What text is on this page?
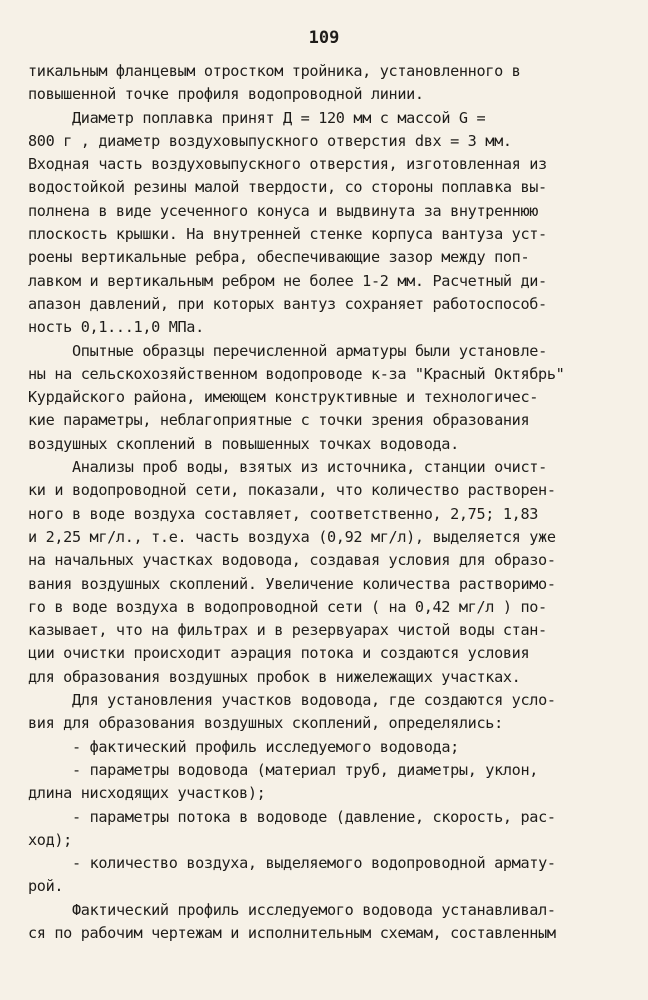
109
тикальным фланцевым отростком тройника, установленного в
повышенной точке профиля водопроводной линии.
Диаметр поплавка принят Д = 120 мм с массой G =
800 г , диаметр воздуховыпускного отверстия dвх = 3 мм.
Входная часть воздуховыпускного отверстия, изготовленная из
водостойкой резины малой твердости, со стороны поплавка вы-
полнена в виде усеченного конуса и выдвинута за внутреннюю
плоскость крышки. На внутренней стенке корпуса вантуза уст-
роены вертикальные ребра, обеспечивающие зазор между поп-
лавком и вертикальным ребром не более 1-2 мм. Расчетный ди-
апазон давлений, при которых вантуз сохраняет работоспособ-
ность 0,1...1,0 МПа.
Опытные образцы перечисленной арматуры были установле-
ны на сельскохозяйственном водопроводе к-за "Красный Октябрь"
Курдайского района, имеющем конструктивные и технологичес-
кие параметры, неблагоприятные с точки зрения образования
воздушных скоплений в повышенных точках водовода.
Анализы проб воды, взятых из источника, станции очист-
ки и водопроводной сети, показали, что количество растворен-
ного в воде воздуха составляет, соответственно, 2,75; 1,83
и 2,25 мг/л., т.е. часть воздуха (0,92 мг/л), выделяется уже
на начальных участках водовода, создавая условия для образо-
вания воздушных скоплений. Увеличение количества растворимо-
го в воде воздуха в водопроводной сети ( на 0,42 мг/л ) по-
казывает, что на фильтрах и в резервуарах чистой воды стан-
ции очистки происходит аэрация потока и создаются условия
для образования воздушных пробок в нижележащих участках.
Для установления участков водовода, где создаются усло-
вия для образования воздушных скоплений, определялись:
- фактический профиль исследуемого водовода;
- параметры водовода (материал труб, диаметры, уклон,
длина нисходящих участков);
- параметры потока в водоводе (давление, скорость, рас-
ход);
- количество воздуха, выделяемого водопроводной армату-
рой.
Фактический профиль исследуемого водовода устанавливал-
ся по рабочим чертежам и исполнительным схемам, составленным
